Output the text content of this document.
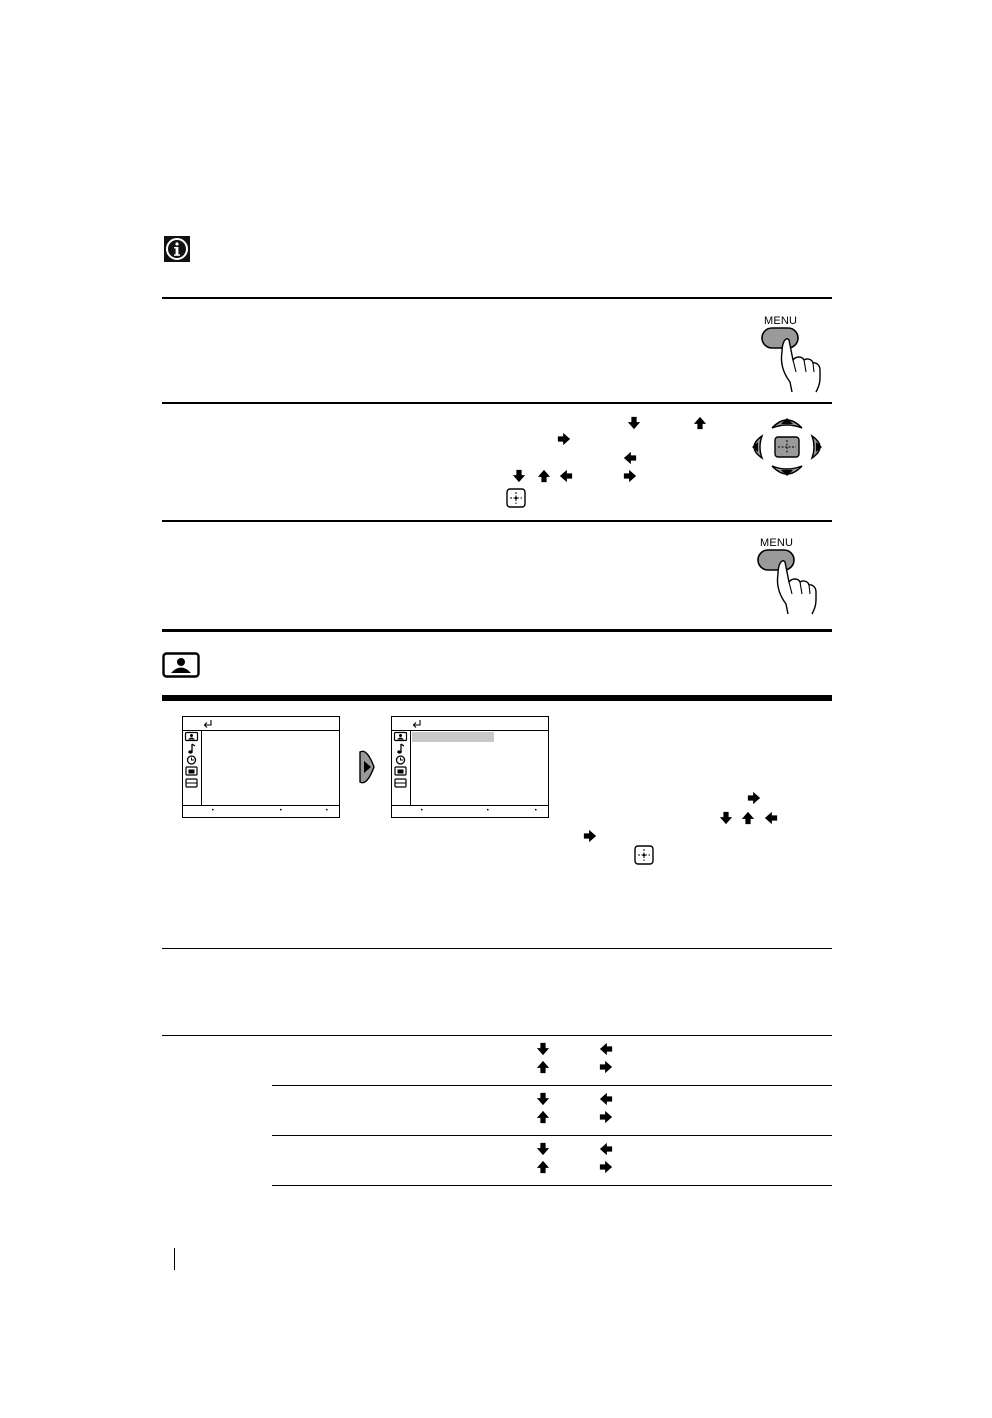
MENU
MENU
•	•	•	•	•	•
